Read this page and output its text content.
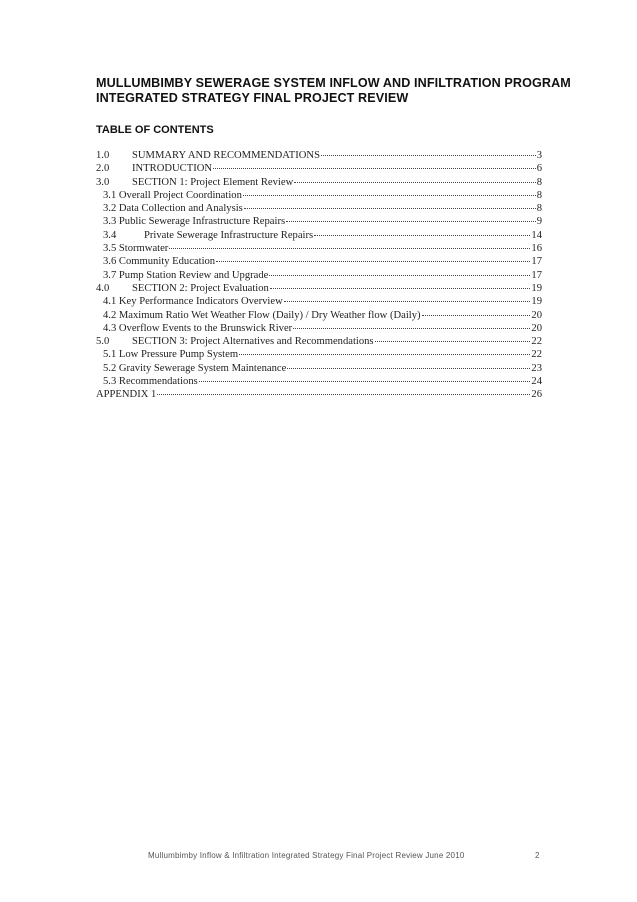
MULLUMBIMBY SEWERAGE SYSTEM INFLOW AND INFILTRATION PROGRAM INTEGRATED STRATEGY FINAL PROJECT REVIEW
TABLE OF CONTENTS
1.0	SUMMARY AND RECOMMENDATIONS	3
2.0	INTRODUCTION	6
3.0	SECTION 1: Project Element Review	8
3.1 Overall Project Coordination	8
3.2 Data Collection and Analysis	8
3.3 Public Sewerage Infrastructure Repairs	9
3.4	Private Sewerage Infrastructure Repairs	14
3.5 Stormwater	16
3.6 Community Education	17
3.7 Pump Station Review and Upgrade	17
4.0	SECTION 2: Project Evaluation	19
4.1 Key Performance Indicators Overview	19
4.2 Maximum Ratio Wet Weather Flow (Daily) / Dry Weather flow (Daily)	20
4.3 Overflow Events to the Brunswick River	20
5.0	SECTION 3: Project Alternatives and Recommendations	22
5.1 Low Pressure Pump System	22
5.2 Gravity Sewerage System Maintenance	23
5.3 Recommendations	24
APPENDIX 1	26
Mullumbimby Inflow & Infiltration Integrated Strategy Final Project Review June 2010	2
